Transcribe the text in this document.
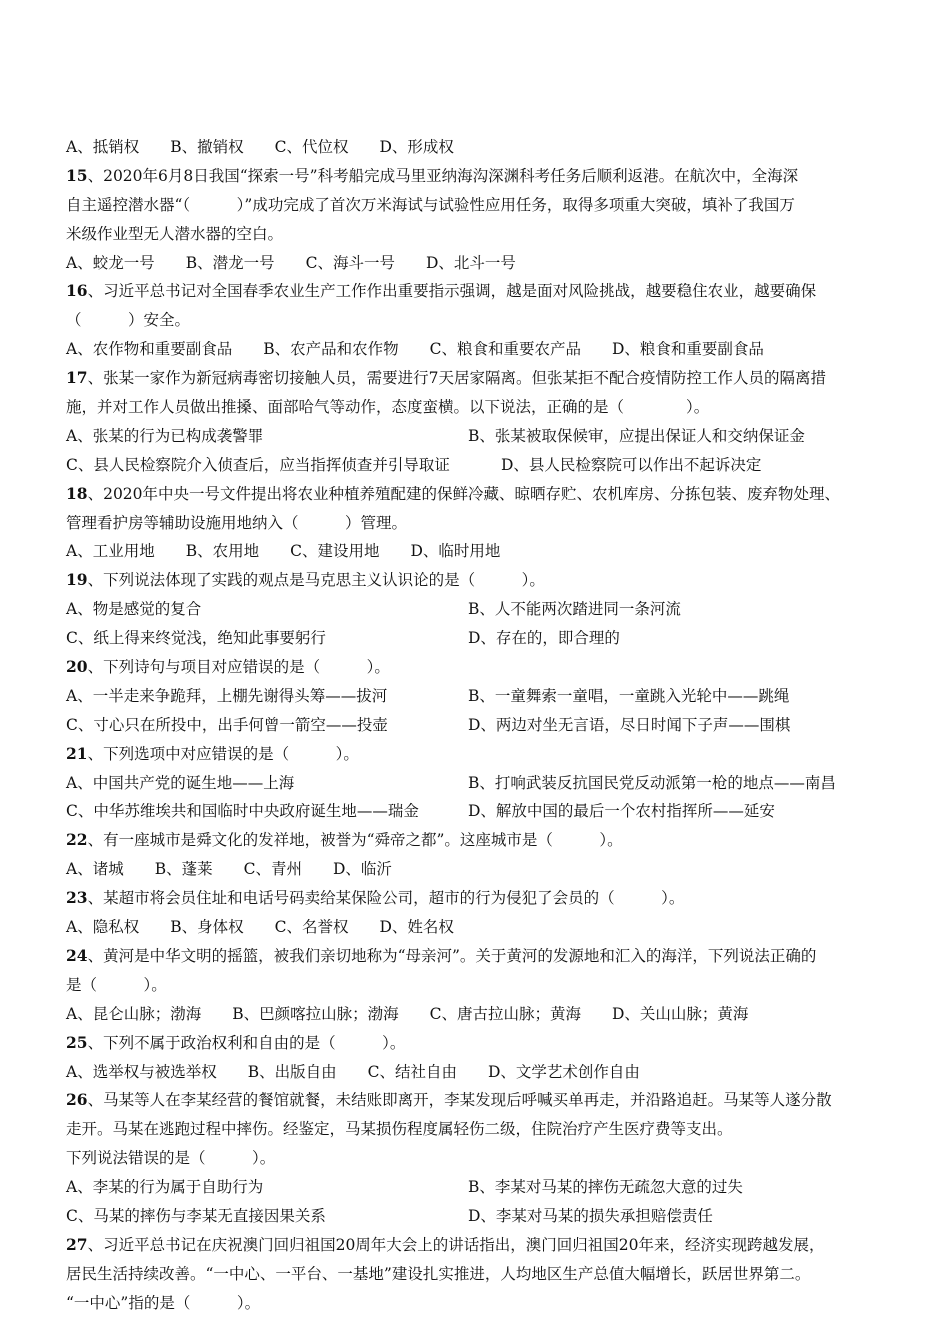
A、抵销权　　B、撤销权　　C、代位权　　D、形成权
15、2020年6月8日我国“探索一号”科考船完成马里亚纳海沟深渊科考任务后顺利返港。在航次中，全海深
自主遥控潜水器“（　　　）”成功完成了首次万米海试与试验性应用任务，取得多项重大突破，填补了我国万
米级作业型无人潜水器的空白。
A、蛟龙一号　　B、潜龙一号　　C、海斗一号　　D、北斗一号
16、习近平总书记对全国春季农业生产工作作出重要指示强调，越是面对风险挑战，越要稳住农业，越要确保
（　　　）安全。
A、农作物和重要副食品　　B、农产品和农作物　　C、粮食和重要农产品　　D、粮食和重要副食品
17、张某一家作为新冠病毒密切接触人员，需要进行7天居家隔离。但张某拒不配合疫情防控工作人员的隔离措
施，并对工作人员做出推搡、面部哈气等动作，态度蛮横。以下说法，正确的是（　　　　）。
A、张某的行为已构成袭警罪	B、张某被取保候审，应提出保证人和交纳保证金
C、县人民检察院介入侦查后，应当指挥侦查并引导取证	D、县人民检察院可以作出不起诉决定
18、2020年中央一号文件提出将农业种植养殖配建的保鲜冷藏、晾晒存贮、农机库房、分拣包装、废弃物处理、
管理看护房等辅助设施用地纳入（　　　）管理。
A、工业用地　　B、农用地　　C、建设用地　　D、临时用地
19、下列说法体现了实践的观点是马克思主义认识论的是（　　　）。
A、物是感觉的复合	B、人不能两次踏进同一条河流
C、纸上得来终觉浅，绝知此事要躬行	D、存在的，即合理的
20、下列诗句与项目对应错误的是（　　　）。
A、一半走来争跪拜，上棚先谢得头筹——拔河	B、一童舞索一童唱，一童跳入光轮中——跳绳
C、寸心只在所投中，出手何曾一箭空——投壶	D、两边对坐无言语，尽日时闻下子声——围棋
21、下列选项中对应错误的是（　　　）。
A、中国共产党的诞生地——上海	B、打响武装反抗国民党反动派第一枪的地点——南昌
C、中华苏维埃共和国临时中央政府诞生地——瑞金	D、解放中国的最后一个农村指挥所——延安
22、有一座城市是舜文化的发祥地，被誉为“舜帝之都”。这座城市是（　　　）。
A、诸城　　B、蓬莱　　C、青州　　D、临沂
23、某超市将会员住址和电话号码卖给某保险公司，超市的行为侵犯了会员的（　　　）。
A、隐私权　　B、身体权　　C、名誉权　　D、姓名权
24、黄河是中华文明的摇篮，被我们亲切地称为“母亲河”。关于黄河的发源地和汇入的海洋，下列说法正确的
是（　　　）。
A、昆仑山脉；渤海　　B、巴颜喀拉山脉；渤海　　C、唐古拉山脉；黄海　　D、关山山脉；黄海
25、下列不属于政治权利和自由的是（　　　）。
A、选举权与被选举权　　B、出版自由　　C、结社自由　　D、文学艺术创作自由
26、马某等人在李某经营的餐馆就餐，未结账即离开，李某发现后呼喊买单再走，并沿路追赶。马某等人遂分散
走开。马某在逃跑过程中摔伤。经鉴定，马某损伤程度属轻伤二级，住院治疗产生医疗费等支出。
下列说法错误的是（　　　）。
A、李某的行为属于自助行为	B、李某对马某的摔伤无疏忽大意的过失
C、马某的摔伤与李某无直接因果关系	D、李某对马某的损失承担赔偿责任
27、习近平总书记在庆祝澳门回归祖国20周年大会上的讲话指出，澳门回归祖国20年来，经济实现跨越发展，
居民生活持续改善。“一中心、一平台、一基地”建设扎实推进，人均地区生产总值大幅增长，跃居世界第二。
“一中心”指的是（　　　）。
